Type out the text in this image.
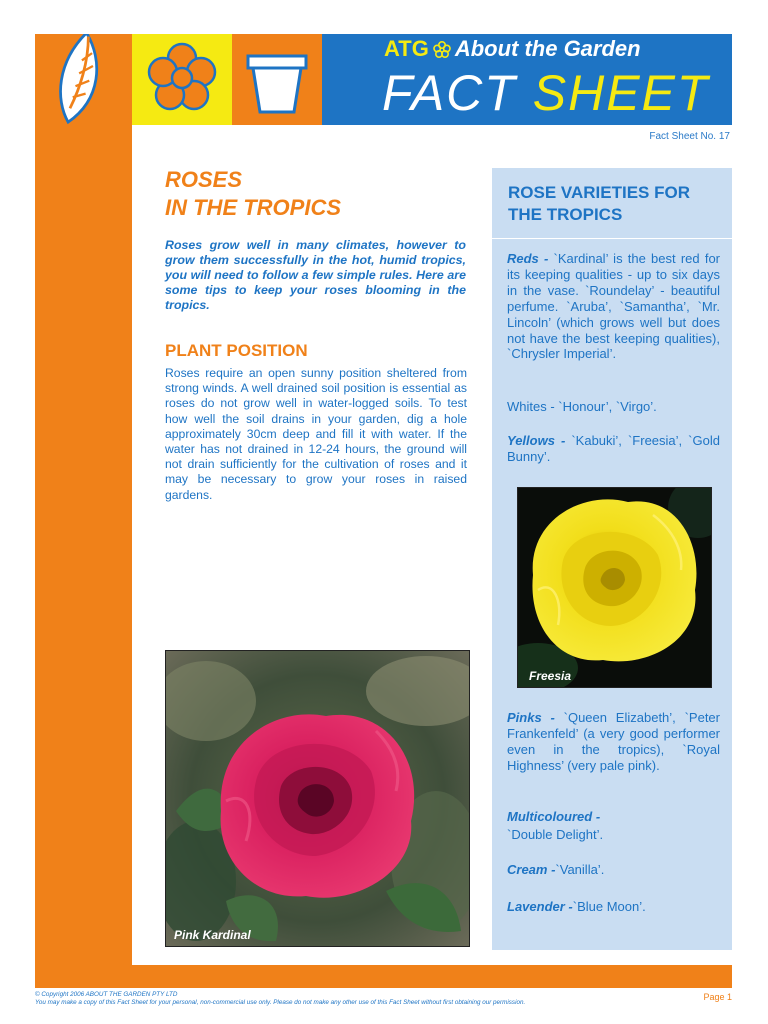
ATG About the Garden
FACT SHEET
Fact Sheet No. 17
ROSES
IN THE TROPICS
Roses grow well in many climates, however to grow them successfully in the hot, humid tropics, you will need to follow a few simple rules. Here are some tips to keep your roses blooming in the tropics.
PLANT POSITION
Roses require an open sunny position sheltered from strong winds. A well drained soil position is essential as roses do not grow well in water-logged soils. To test how well the soil drains in your garden, dig a hole approximately 30cm deep and fill it with water. If the water has not drained in 12-24 hours, the ground will not drain sufficiently for the cultivation of roses and it may be necessary to grow your roses in raised gardens.
Pink Kardinal
ROSE VARIETIES FOR THE TROPICS
Reds - `Kardinal’ is the best red for its keeping qualities - up to six days in the vase. `Roundelay’ - beautiful perfume. `Aruba’, `Samantha’, `Mr. Lincoln’ (which grows well but does not have the best keeping qualities), `Chrysler Imperial’.
Whites - `Honour’, `Virgo’.
Yellows - `Kabuki’, `Freesia’, `Gold Bunny’.
Pinks - `Queen Elizabeth’, `Peter Frankenfeld’ (a very good performer even in the tropics), `Royal Highness’ (very pale pink).
Multicoloured -
`Double Delight’.
Cream -`Vanilla’.
Lavender -`Blue Moon’.
Freesia
© Copyright 2006 ABOUT THE GARDEN PTY LTD
You may make a copy of this Fact Sheet for your personal, non-commercial use only. Please do not make any other use of this Fact Sheet without first obtaining our permission.
Page 1
